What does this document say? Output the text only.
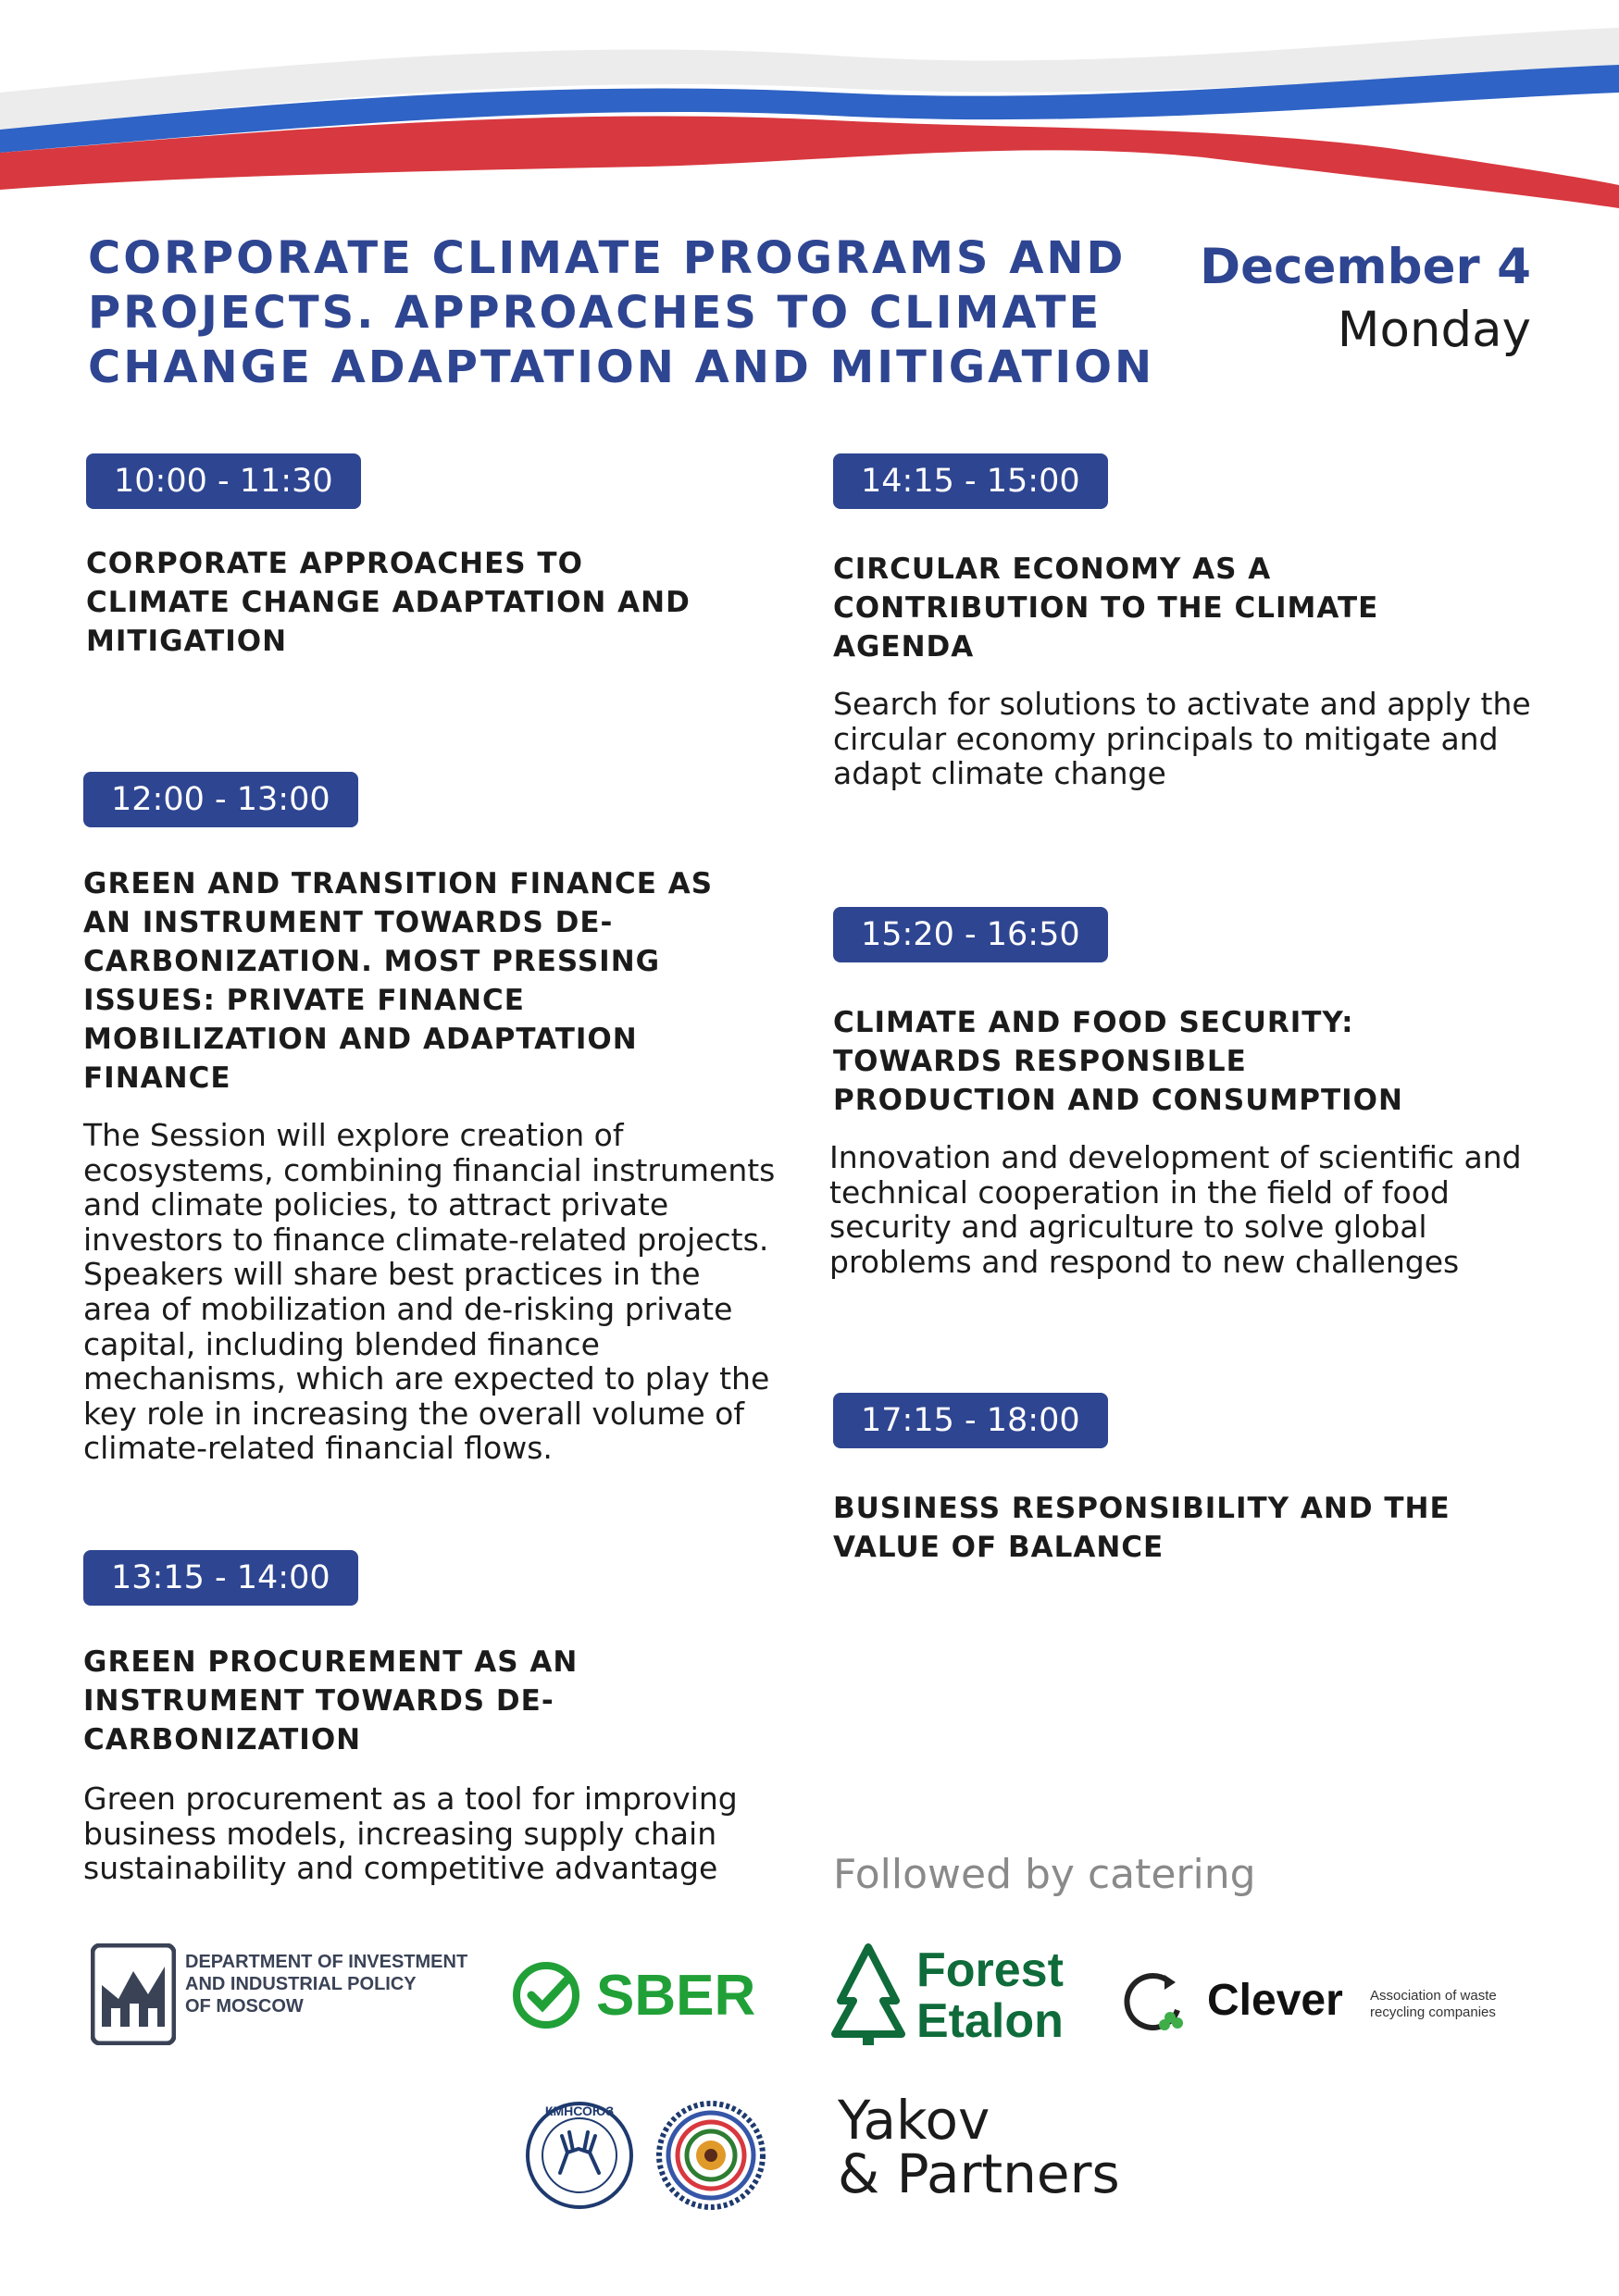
CORPORATE CLIMATE PROGRAMS AND PROJECTS. APPROACHES TO CLIMATE CHANGE ADAPTATION AND MITIGATION
December 4
Monday
10:00 - 11:30
CORPORATE APPROACHES TO CLIMATE CHANGE ADAPTATION AND MITIGATION
12:00 - 13:00
GREEN AND TRANSITION FINANCE AS AN INSTRUMENT TOWARDS DE-CARBONIZATION. MOST PRESSING ISSUES: PRIVATE FINANCE MOBILIZATION AND ADAPTATION FINANCE
The Session will explore creation of ecosystems, combining financial instruments and climate policies, to attract private investors to finance climate-related projects. Speakers will share best practices in the area of mobilization and de-risking private capital, including blended finance mechanisms, which are expected to play the key role in increasing the overall volume of climate-related financial flows.
13:15 - 14:00
GREEN PROCUREMENT AS AN INSTRUMENT TOWARDS DE-CARBONIZATION
Green procurement as a tool for improving business models, increasing supply chain sustainability and competitive advantage
14:15 - 15:00
CIRCULAR ECONOMY AS A CONTRIBUTION TO THE CLIMATE AGENDA
Search for solutions to activate and apply the circular economy principals to mitigate and adapt climate change
15:20 - 16:50
CLIMATE AND FOOD SECURITY: TOWARDS RESPONSIBLE PRODUCTION AND CONSUMPTION
Innovation and development of scientific and technical cooperation in the field of food security and agriculture to solve global problems and respond to new challenges
17:15 - 18:00
BUSINESS RESPONSIBILITY AND THE VALUE OF BALANCE
Followed by catering
DEPARTMENT OF INVESTMENT
AND INDUSTRIAL POLICY
OF MOSCOW	SBER	Forest
Etalon	Clever Association of waste
recycling companies
КМНСОЮЗ	Yakov
& Partners
